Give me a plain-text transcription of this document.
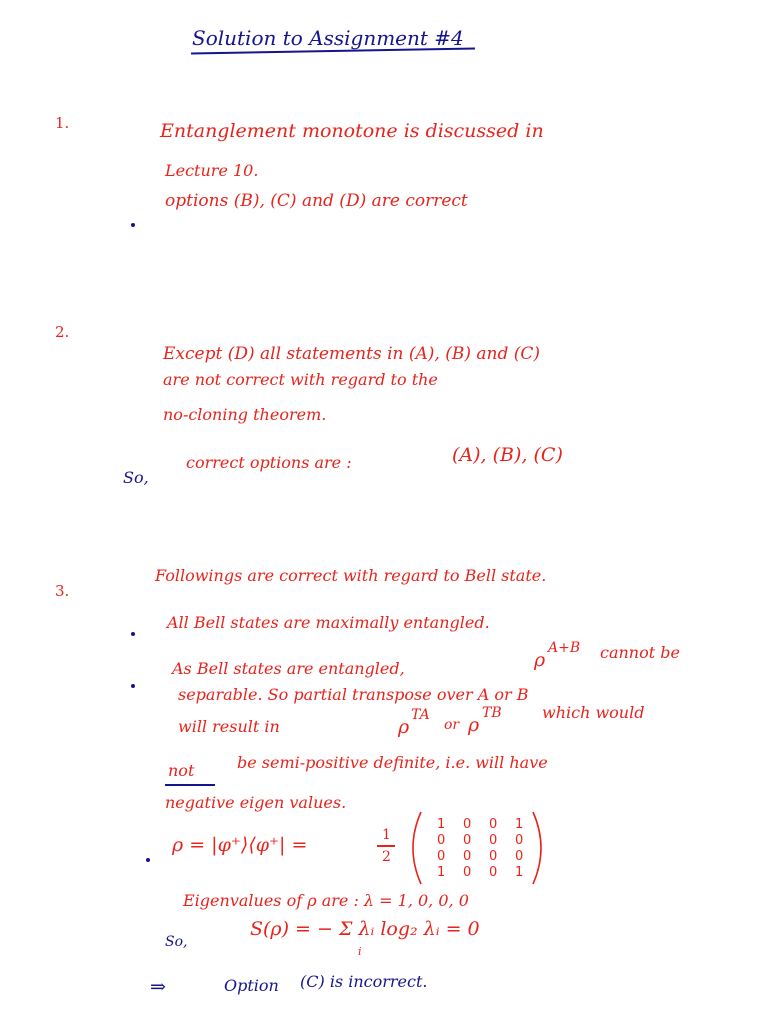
Solution to Assignment #4
1.	Entanglement monotone is discussed in
Lecture 10.
options (B), (C) and (D) are correct
2.
Except (D) all statements in (A), (B) and (C)
are not correct with regard to the
no-cloning theorem.
So,
correct options are :	(A), (B), (C)
3.
Followings are correct with regard to Bell state.
All Bell states are maximally entangled.
As Bell states are entangled,	ρ
A+B cannot be
separable. So partial transpose over A or B
will result in	ρ
TA
or ρ
TB	which would
not	be semi-positive definite, i.e. will have
negative eigen values.
ρ = |φ⁺⟩⟨φ⁺| =	1
2
1 0 0 1
0 0 0 0
0 0 0 0
1 0 0 1
Eigenvalues of ρ are : λ = 1, 0, 0, 0
So,
S(ρ) = − Σ λᵢ log₂ λᵢ = 0
i
⇒	Option (C) is incorrect.
